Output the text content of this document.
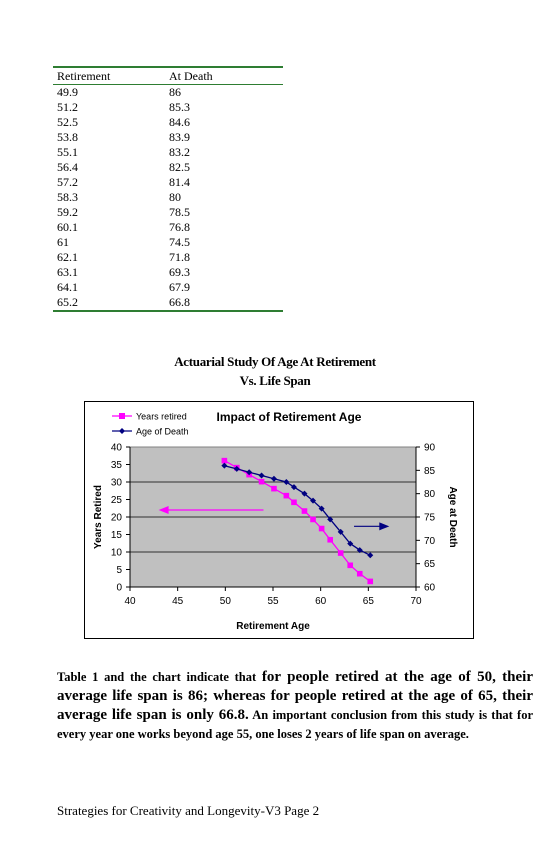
Retirement	At Death
49.9	86
51.2	85.3
52.5	84.6
53.8	83.9
55.1	83.2
56.4	82.5
57.2	81.4
58.3	80
59.2	78.5
60.1	76.8
61	74.5
62.1	71.8
63.1	69.3
64.1	67.9
65.2	66.8
Actuarial Study Of Age At Retirement
Vs. Life Span
40	45	50	55	60	65	70
0
5
10
15
20
25
30
35
40
60
65
70
75
80
85
90
Impact of Retirement Age
Retirement Age
Years Retired	Age at Death
Years retired
Age of Death
Table 1 and the chart indicate that for people retired at the age of 50, their average life span is 86; whereas for people retired at the age of 65, their average life span is only 66.8. An important conclusion from this study is that for every year one works beyond age 55, one loses 2 years of life span on average.
Strategies for Creativity and Longevity-V3 Page 2
